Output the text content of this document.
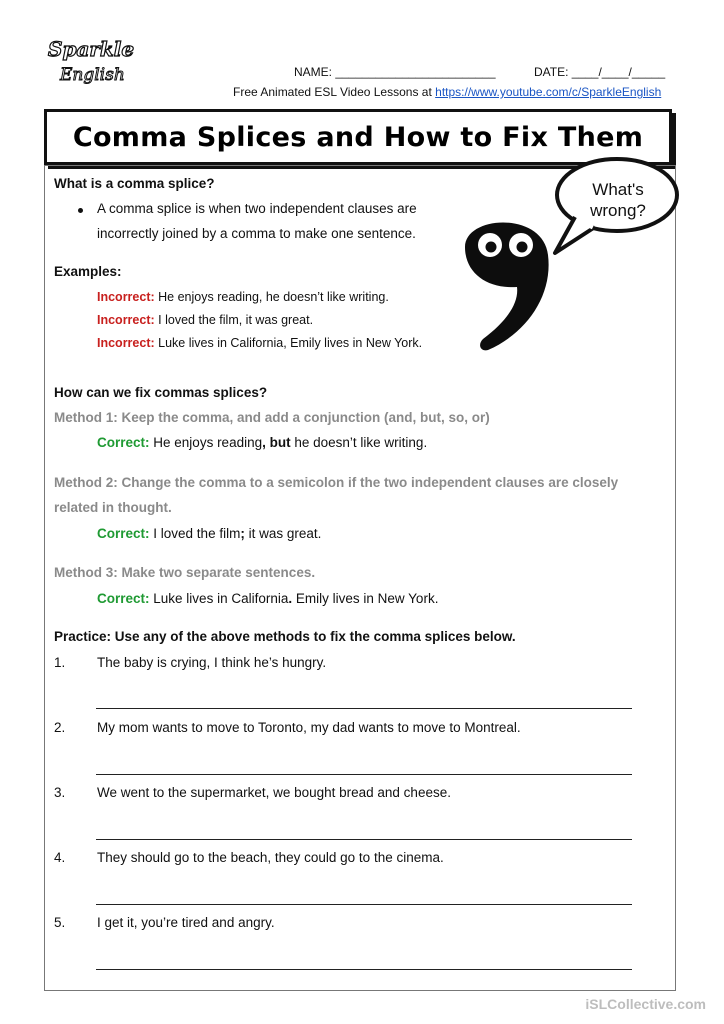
Sparkle
English	NAME: ________________________	DATE: ____/____/_____
Free Animated ESL Video Lessons at https://www.youtube.com/c/SparkleEnglish
Comma Splices and How to Fix Them
What's
wrong?
What is a comma splice?
A comma splice is when two independent clauses are
incorrectly joined by a comma to make one sentence.
Examples:
Incorrect: He enjoys reading, he doesn’t like writing.
Incorrect: I loved the film, it was great.
Incorrect: Luke lives in California, Emily lives in New York.
How can we fix commas splices?
Method 1: Keep the comma, and add a conjunction (and, but, so, or)
Correct: He enjoys reading, but he doesn’t like writing.
Method 2: Change the comma to a semicolon if the two independent clauses are closely
related in thought.
Correct: I loved the film; it was great.
Method 3: Make two separate sentences.
Correct: Luke lives in California. Emily lives in New York.
Practice: Use any of the above methods to fix the comma splices below.
1. The baby is crying, I think he’s hungry.
2. My mom wants to move to Toronto, my dad wants to move to Montreal.
3. We went to the supermarket, we bought bread and cheese.
4. They should go to the beach, they could go to the cinema.
5. I get it, you’re tired and angry.
iSLCollective.com
